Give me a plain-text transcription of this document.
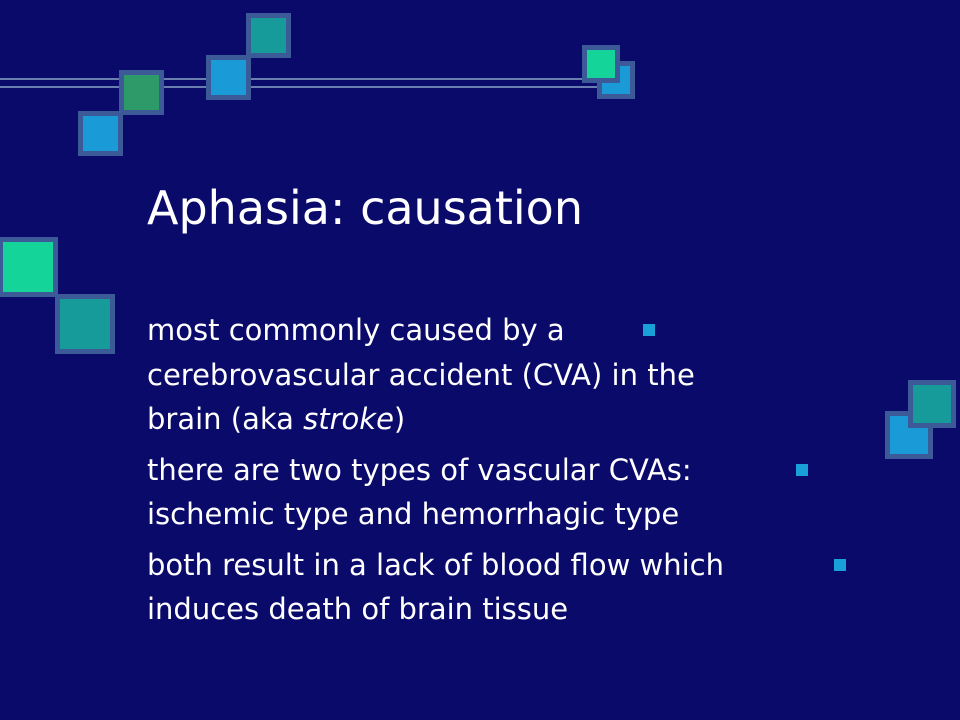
Aphasia: causation
most commonly caused by a
cerebrovascular accident (CVA) in the
brain (aka stroke)
there are two types of vascular CVAs:
ischemic type and hemorrhagic type
both result in a lack of blood flow which
induces death of brain tissue
